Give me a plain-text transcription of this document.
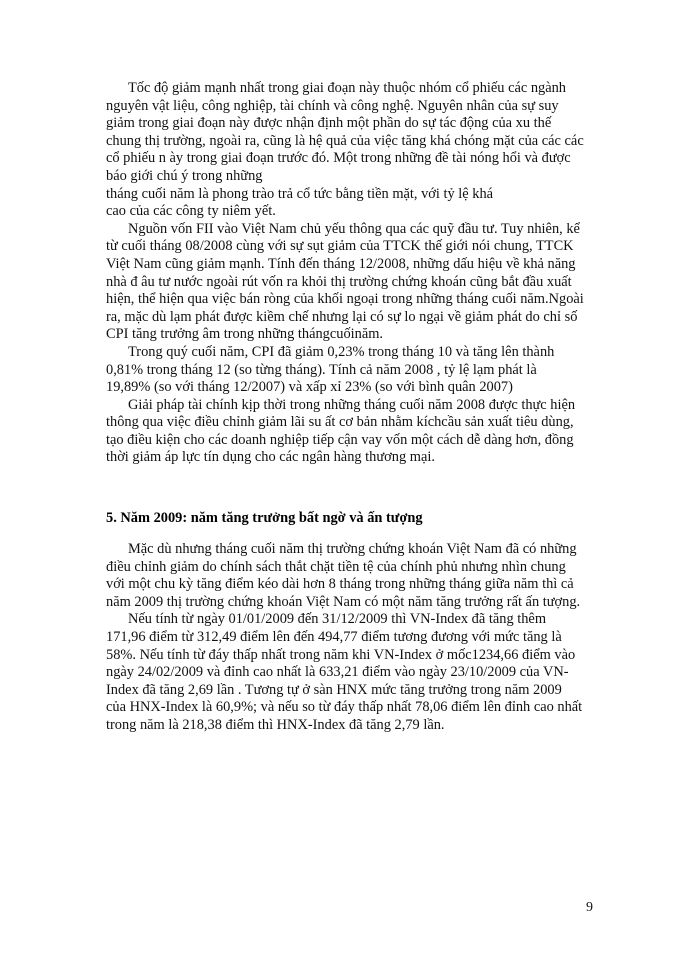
Tốc độ giảm mạnh nhất trong giai đoạn này thuộc nhóm cổ phiếu các ngành
nguyên vật liệu, công nghiệp, tài chính và công nghệ. Nguyên nhân của sự suy
giảm trong giai đoạn này được nhận định một phần do sự tác động của xu thế
chung thị trường, ngoài ra, cũng là hệ quả của việc tăng khá chóng mặt của các các
cổ phiếu n ày trong giai đoạn trước đó. Một trong những đề tài nóng hổi và được
báo giới chú ý trong những
tháng cuối năm là phong trào trả cổ tức bằng tiền mặt, với tỷ lệ khá
cao của các công ty niêm yết.
Nguồn vốn FII vào Việt Nam chủ yếu thông qua các quỹ đầu tư. Tuy nhiên, kể
từ cuối tháng 08/2008 cùng với sự sụt giảm của TTCK thế giới nói chung, TTCK
Việt Nam cũng giảm mạnh. Tính đến tháng 12/2008, những dấu hiệu về khả năng
nhà đ âu tư nước ngoài rút vốn ra khỏi thị trường chứng khoán cũng bắt đầu xuất
hiện, thể hiện qua việc bán ròng của khối ngoại trong những tháng cuối năm.Ngoài
ra, mặc dù lạm phát được kiềm chế nhưng lại có sự lo ngại về giảm phát do chỉ số
CPI tăng trưởng âm trong những thángcuốinăm.
Trong quý cuối năm, CPI đã giảm 0,23% trong tháng 10 và tăng lên thành
0,81% trong tháng 12 (so từng tháng). Tính cả năm 2008 , tỷ lệ lạm phát là
19,89% (so với tháng 12/2007) và xấp xỉ 23% (so với bình quân 2007)
Giải pháp tài chính kịp thời trong những tháng cuối năm 2008 được thực hiện
thông qua việc điều chỉnh giảm lãi su ất cơ bản nhằm kíchcầu sản xuất tiêu dùng,
tạo điều kiện cho các doanh nghiệp tiếp cận vay vốn một cách dễ dàng hơn, đồng
thời giảm áp lực tín dụng cho các ngân hàng thương mại.
5. Năm 2009: năm tăng trưởng bất ngờ và ấn tượng
Mặc dù nhưng tháng cuối năm thị trường chứng khoán Việt Nam đã có những
điều chỉnh giảm do chính sách thắt chặt tiền tệ của chính phủ nhưng nhìn chung
với một chu kỳ tăng điểm kéo dài hơn 8 tháng trong những tháng giữa năm thì cả
năm 2009 thị trường chứng khoán Việt Nam có một năm tăng trưởng rất ấn tượng.
Nếu tính từ ngày 01/01/2009 đến 31/12/2009 thì VN-Index đã tăng thêm
171,96 điểm từ 312,49 điểm lên đến 494,77 điểm tương đương với mức tăng là
58%. Nếu tính từ đáy thấp nhất trong năm khi VN-Index ở mốc1234,66 điểm vào
ngày 24/02/2009 và đỉnh cao nhất là 633,21 điểm vào ngày 23/10/2009 của VN-
Index đã tăng 2,69 lần . Tương tự ở sàn HNX mức tăng trưởng trong năm 2009
của HNX-Index là 60,9%; và nếu so từ đáy thấp nhất 78,06 điểm lên đỉnh cao nhất
trong năm là 218,38 điểm thì HNX-Index đã tăng 2,79 lần.
9
